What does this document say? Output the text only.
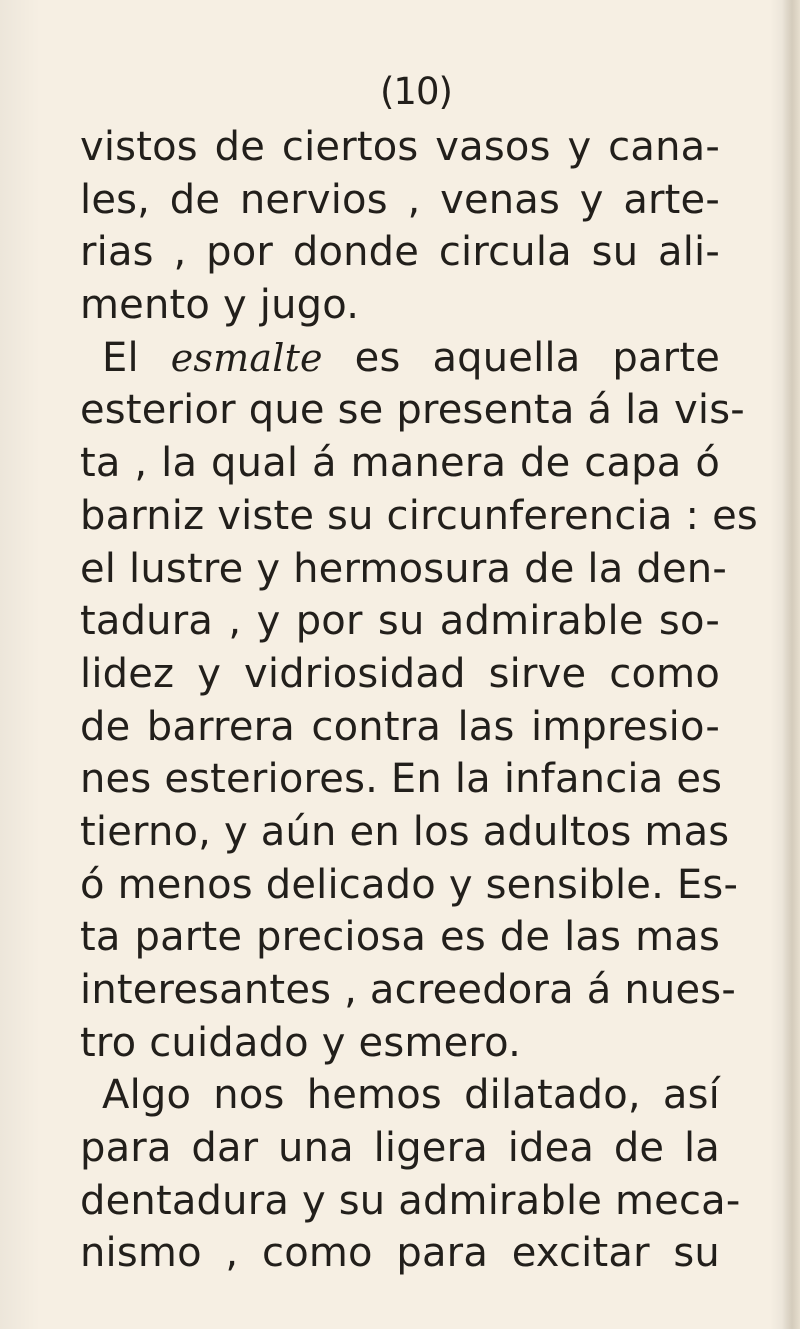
(10)
vistos de ciertos vasos y cana-
les, de nervios , venas y arte-
rias , por donde circula su ali-
mento y jugo.
El esmalte es aquella parte
esterior que se presenta á la vis-
ta , la qual á manera de capa ó
barniz viste su circunferencia : es
el lustre y hermosura de la den-
tadura , y por su admirable so-
lidez y vidriosidad sirve como
de barrera contra las impresio-
nes esteriores. En la infancia es
tierno, y aún en los adultos mas
ó menos delicado y sensible. Es-
ta parte preciosa es de las mas
interesantes , acreedora á nues-
tro cuidado y esmero.
Algo nos hemos dilatado, así
para dar una ligera idea de la
dentadura y su admirable meca-
nismo , como para excitar su
